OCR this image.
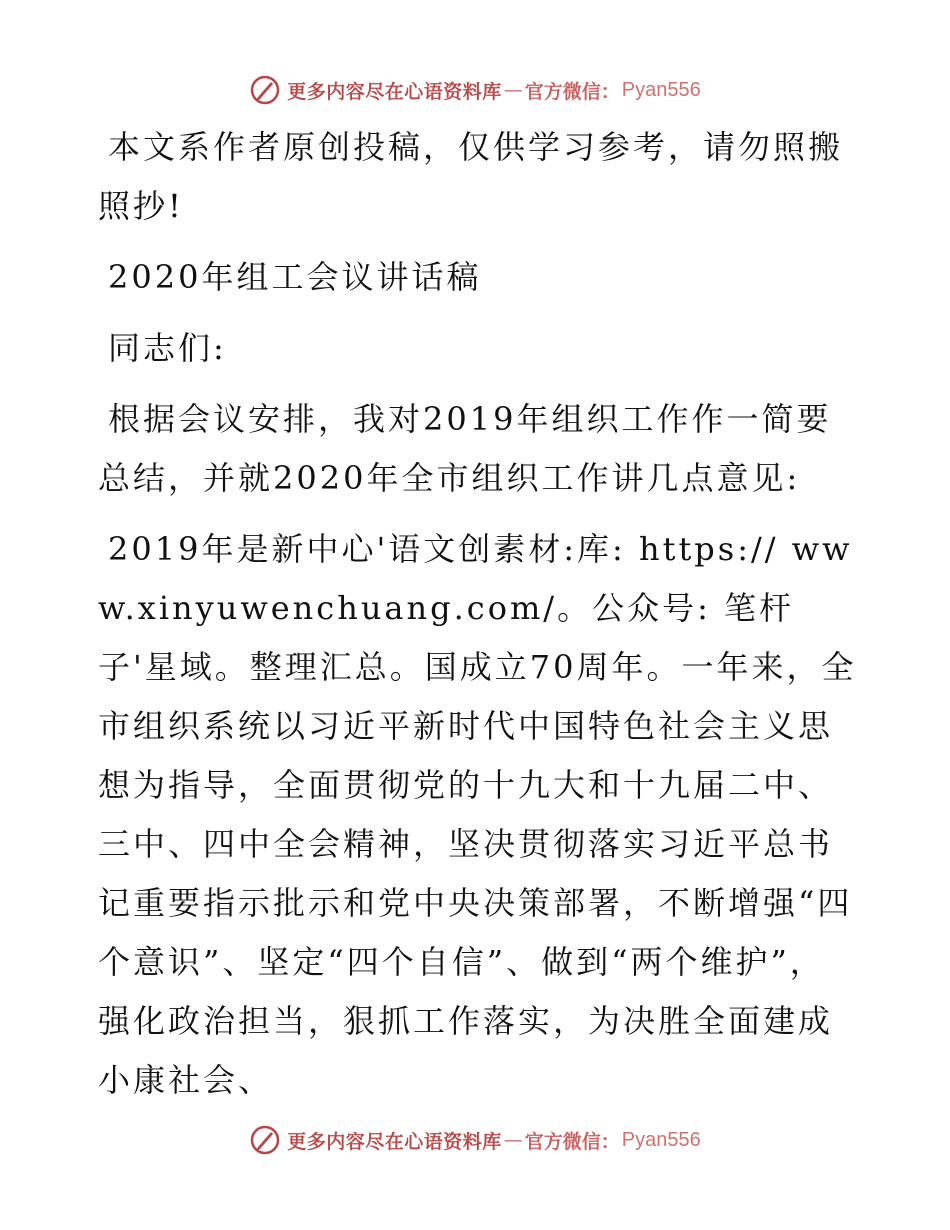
更多内容尽在心语资料库 — 官方微信： Pyan556

本文系作者原创投稿，仅供学习参考，请勿照搬照抄!

2020年组工会议讲话稿

同志们:

根据会议安排，我对2019年组织工作作一简要总结，并就2020年全市组织工作讲几点意见:

2019年是新中心'语文创素材:库: https:// www.xinyuwenchuang.com/。公众号: 笔杆子'星域。整理汇总。国成立70周年。一年来，全市组织系统以习近平新时代中国特色社会主义思想为指导，全面贯彻党的十九大和十九届二中、三中、四中全会精神，坚决贯彻落实习近平总书记重要指示批示和党中央决策部署，不断增强“四个意识”、坚定“四个自信”、做到“两个维护”，强化政治担当，狠抓工作落实，为决胜全面建成小康社会、

更多内容尽在心语资料库 — 官方微信： Pyan556
